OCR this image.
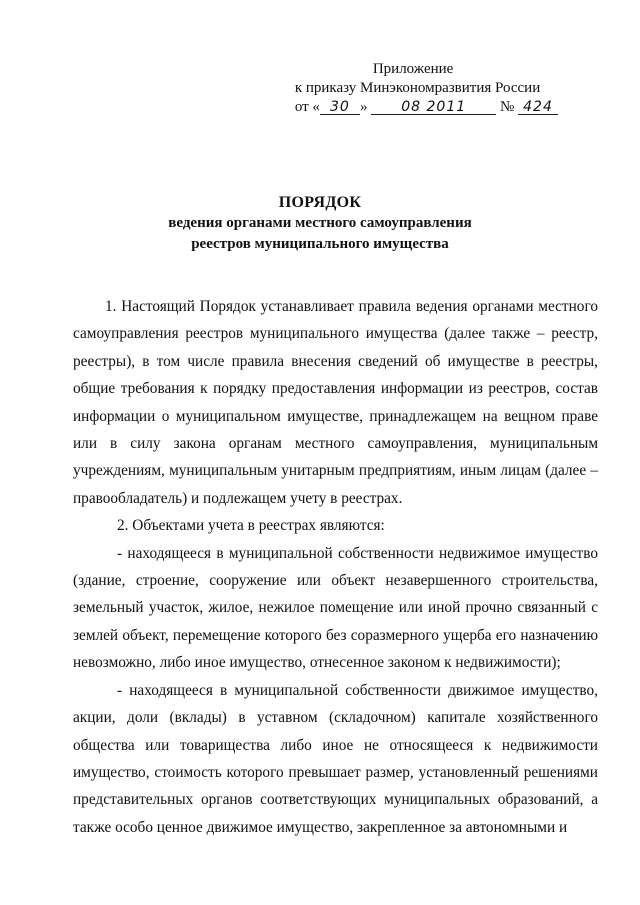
Приложение
к приказу Минэкономразвития России
от « 30 » 08 2011 № 424
ПОРЯДОК
ведения органами местного самоуправления
реестров муниципального имущества
1. Настоящий Порядок устанавливает правила ведения органами местного самоуправления реестров муниципального имущества (далее также – реестр, реестры), в том числе правила внесения сведений об имуществе в реестры, общие требования к порядку предоставления информации из реестров, состав информации о муниципальном имуществе, принадлежащем на вещном праве или в силу закона органам местного самоуправления, муниципальным учреждениям, муниципальным унитарным предприятиям, иным лицам (далее – правообладатель) и подлежащем учету в реестрах.
2. Объектами учета в реестрах являются:
- находящееся в муниципальной собственности недвижимое имущество (здание, строение, сооружение или объект незавершенного строительства, земельный участок, жилое, нежилое помещение или иной прочно связанный с землей объект, перемещение которого без соразмерного ущерба его назначению невозможно, либо иное имущество, отнесенное законом к недвижимости);
- находящееся в муниципальной собственности движимое имущество, акции, доли (вклады) в уставном (складочном) капитале хозяйственного общества или товарищества либо иное не относящееся к недвижимости имущество, стоимость которого превышает размер, установленный решениями представительных органов соответствующих муниципальных образований, а также особо ценное движимое имущество, закрепленное за автономными и
